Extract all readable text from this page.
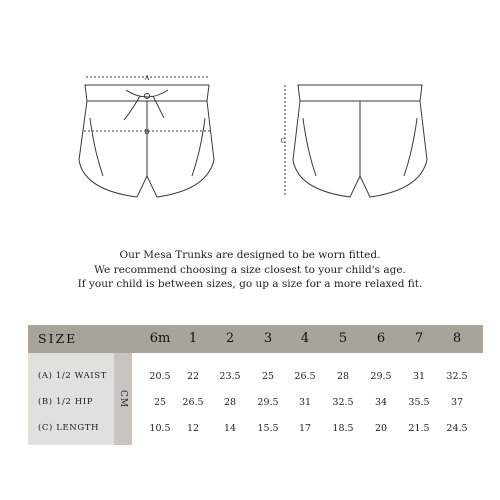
A
B
C
Our Mesa Trunks are designed to be worn fitted.
We recommend choosing a size closest to your child's age.
If your child is between sizes, go up a size for a more relaxed fit.
SIZE	6m	1	2	3	4	5	6	7	8
CM
(A) 1/2 WAIST	20.5	22	23.5	25	26.5	28	29.5	31	32.5
(B) 1/2 HIP	25	26.5	28	29.5	31	32.5	34	35.5	37
(C) LENGTH	10.5	12	14	15.5	17	18.5	20	21.5	24.5
